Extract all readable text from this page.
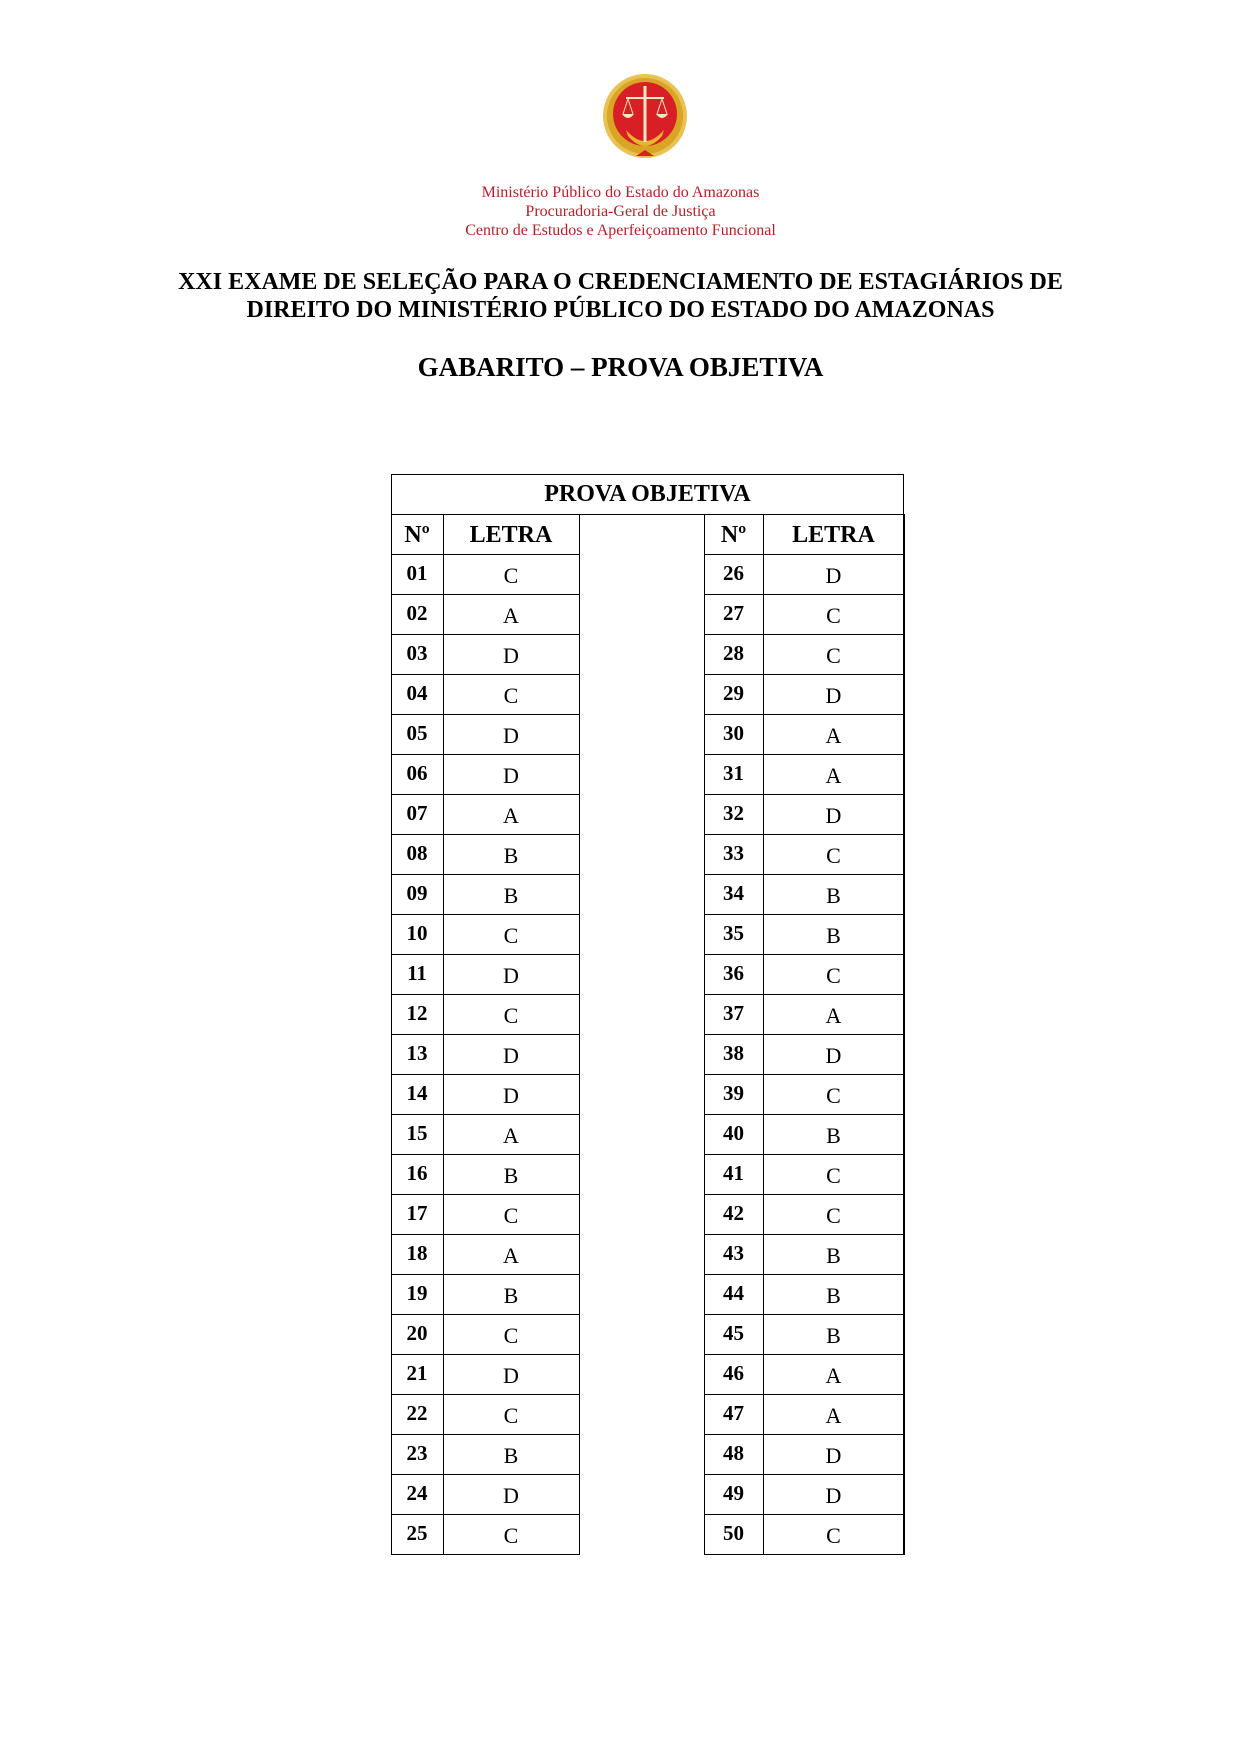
Ministério Público do Estado do Amazonas
Procuradoria-Geral de Justiça
Centro de Estudos e Aperfeiçoamento Funcional
XXI EXAME DE SELEÇÃO PARA O CREDENCIAMENTO DE ESTAGIÁRIOS DE
DIREITO DO MINISTÉRIO PÚBLICO DO ESTADO DO AMAZONAS
GABARITO – PROVA OBJETIVA
PROVA OBJETIVA
Nº	LETRA
01	C
02	A
03	D
04	C
05	D
06	D
07	A
08	B
09	B
10	C
11	D
12	C
13	D
14	D
15	A
16	B
17	C
18	A
19	B
20	C
21	D
22	C
23	B
24	D
25	C
Nº	LETRA
26	D
27	C
28	C
29	D
30	A
31	A
32	D
33	C
34	B
35	B
36	C
37	A
38	D
39	C
40	B
41	C
42	C
43	B
44	B
45	B
46	A
47	A
48	D
49	D
50	C
